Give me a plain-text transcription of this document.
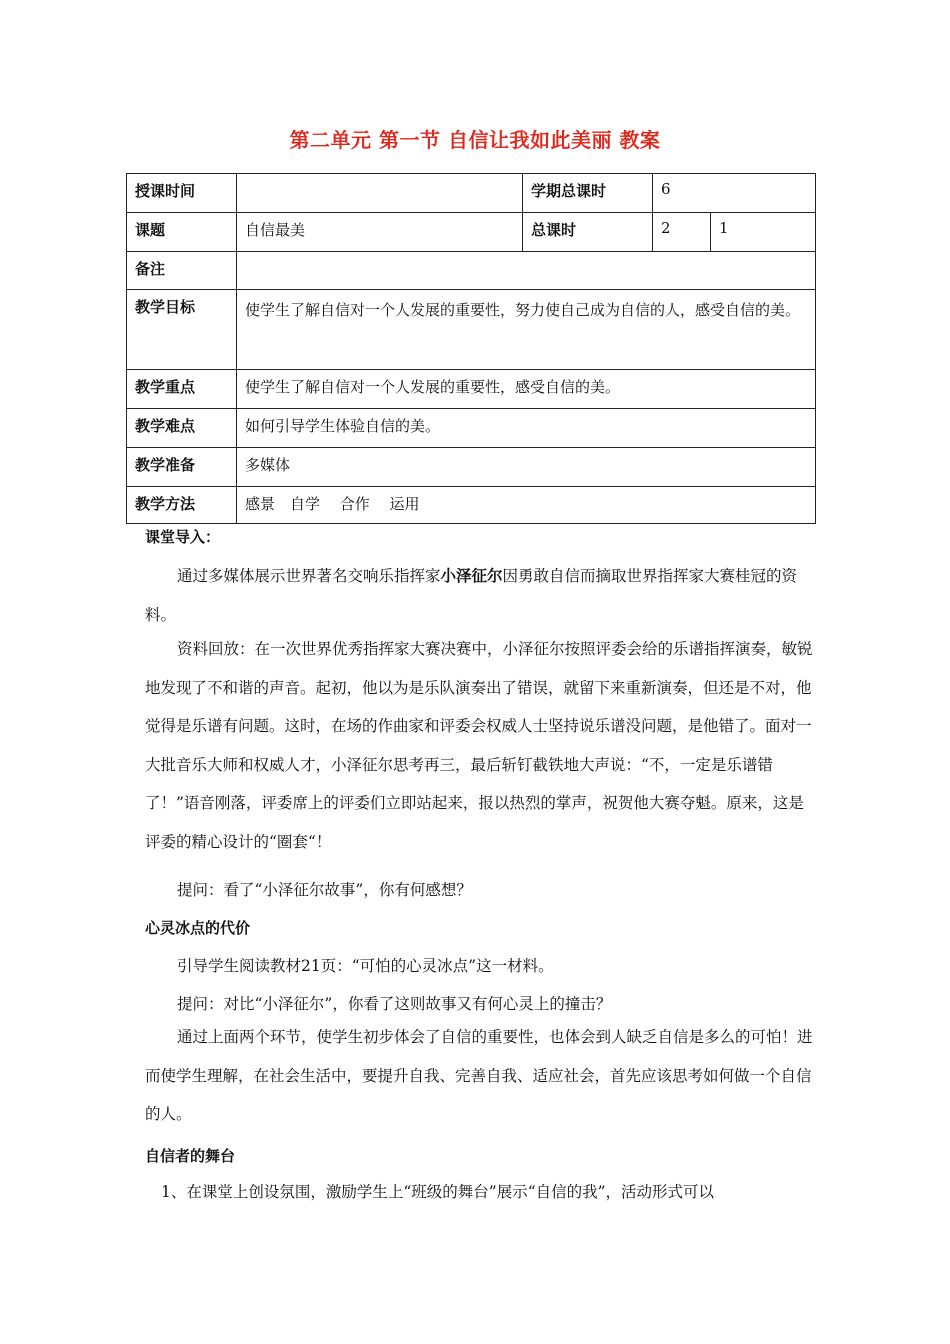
第二单元 第一节 自信让我如此美丽 教案
授课时间		学期总课时	6	
课题	自信最美	总课时	2	1
备注				
教学目标	使学生了解自信对一个人发展的重要性，努力使自己成为自信的人，感受自信的美。			

教学重点	使学生了解自信对一个人发展的重要性，感受自信的美。			
教学难点	如何引导学生体验自信的美。			
教学准备	多媒体			
教学方法	感景　自学　 合作　 运用			
课堂导入：
通过多媒体展示世界著名交响乐指挥家小泽征尔因勇敢自信而摘取世界指挥家大赛桂冠的资料。
资料回放：在一次世界优秀指挥家大赛决赛中，小泽征尔按照评委会给的乐谱指挥演奏，敏锐地发现了不和谐的声音。起初，他以为是乐队演奏出了错误，就留下来重新演奏，但还是不对，他觉得是乐谱有问题。这时，在场的作曲家和评委会权威人士坚持说乐谱没问题，是他错了。面对一大批音乐大师和权威人才，小泽征尔思考再三，最后斩钉截铁地大声说：“不，一定是乐谱错了！”语音刚落，评委席上的评委们立即站起来，报以热烈的掌声，祝贺他大赛夺魁。原来，这是评委的精心设计的“圈套“！
提问：看了“小泽征尔故事”，你有何感想？
心灵冰点的代价
引导学生阅读教材21页：“可怕的心灵冰点”这一材料。
提问：对比“小泽征尔”，你看了这则故事又有何心灵上的撞击？
通过上面两个环节，使学生初步体会了自信的重要性，也体会到人缺乏自信是多么的可怕！进而使学生理解，在社会生活中，要提升自我、完善自我、适应社会，首先应该思考如何做一个自信的人。
自信者的舞台
1、在课堂上创设氛围，激励学生上“班级的舞台”展示“自信的我”，活动形式可以
